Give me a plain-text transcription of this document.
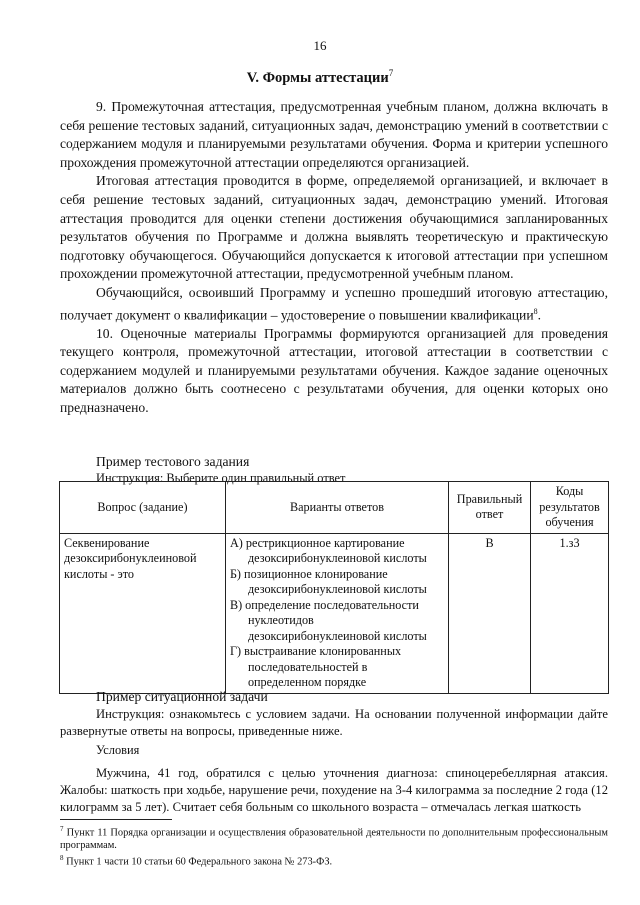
16
V. Формы аттестации$^7$

9. Промежуточная аттестация, предусмотренная учебным планом, должна включать в себя решение тестовых заданий, ситуационных задач, демонстрацию умений в соответствии с содержанием модуля и планируемыми результатами обучения. Форма и критерии успешного прохождения промежуточной аттестации определяются организацией.

Итоговая аттестация проводится в форме, определяемой организацией, и включает в себя решение тестовых заданий, ситуационных задач, демонстрацию умений. Итоговая аттестация проводится для оценки степени достижения обучающимися запланированных результатов обучения по Программе и должна выявлять теоретическую и практическую подготовку обучающегося. Обучающийся допускается к итоговой аттестации при успешном прохождении промежуточной аттестации, предусмотренной учебным планом.

Обучающийся, освоивший Программу и успешно прошедший итоговую аттестацию, получает документ о квалификации – удостоверение о повышении квалификации$^8$.

10. Оценочные материалы Программы формируются организацией для проведения текущего контроля, промежуточной аттестации, итоговой аттестации в соответствии с содержанием модулей и планируемыми результатами обучения. Каждое задание оценочных материалов должно быть соотнесено с результатами обучения, для оценки которых оно предназначено.

Пример тестового задания
Инструкция: Выберите один правильный ответ
Вопрос (задание)	Варианты ответов	Правильный ответ	Коды результатов обучения
Секвенирование дезоксирибонуклеиновой кислоты - это	А) рестрикционное картирование дезоксирибонуклеиновой кислоты

Б) позиционное клонирование дезоксирибонуклеиновой кислоты

В) определение последовательности нуклеотидов дезоксирибонуклеиновой кислоты

Г) выстраивание клонированных последовательностей в определенном порядке	В	1.з3
Пример ситуационной задачи

Инструкция: ознакомьтесь с условием задачи. На основании полученной информации дайте развернутые ответы на вопросы, приведенные ниже.

Условия

Мужчина, 41 год, обратился с целью уточнения диагноза: спиноцеребеллярная атаксия. Жалобы: шаткость при ходьбе, нарушение речи, похудение на 3-4 килограмма за последние 2 года (12 килограмм за 5 лет). Считает себя больным со школьного возраста – отмечалась легкая шаткость

$^7$ Пункт 11 Порядка организации и осуществления образовательной деятельности по дополнительным профессиональным программам.

$^8$ Пункт 1 части 10 статьи 60 Федерального закона № 273-ФЗ.
